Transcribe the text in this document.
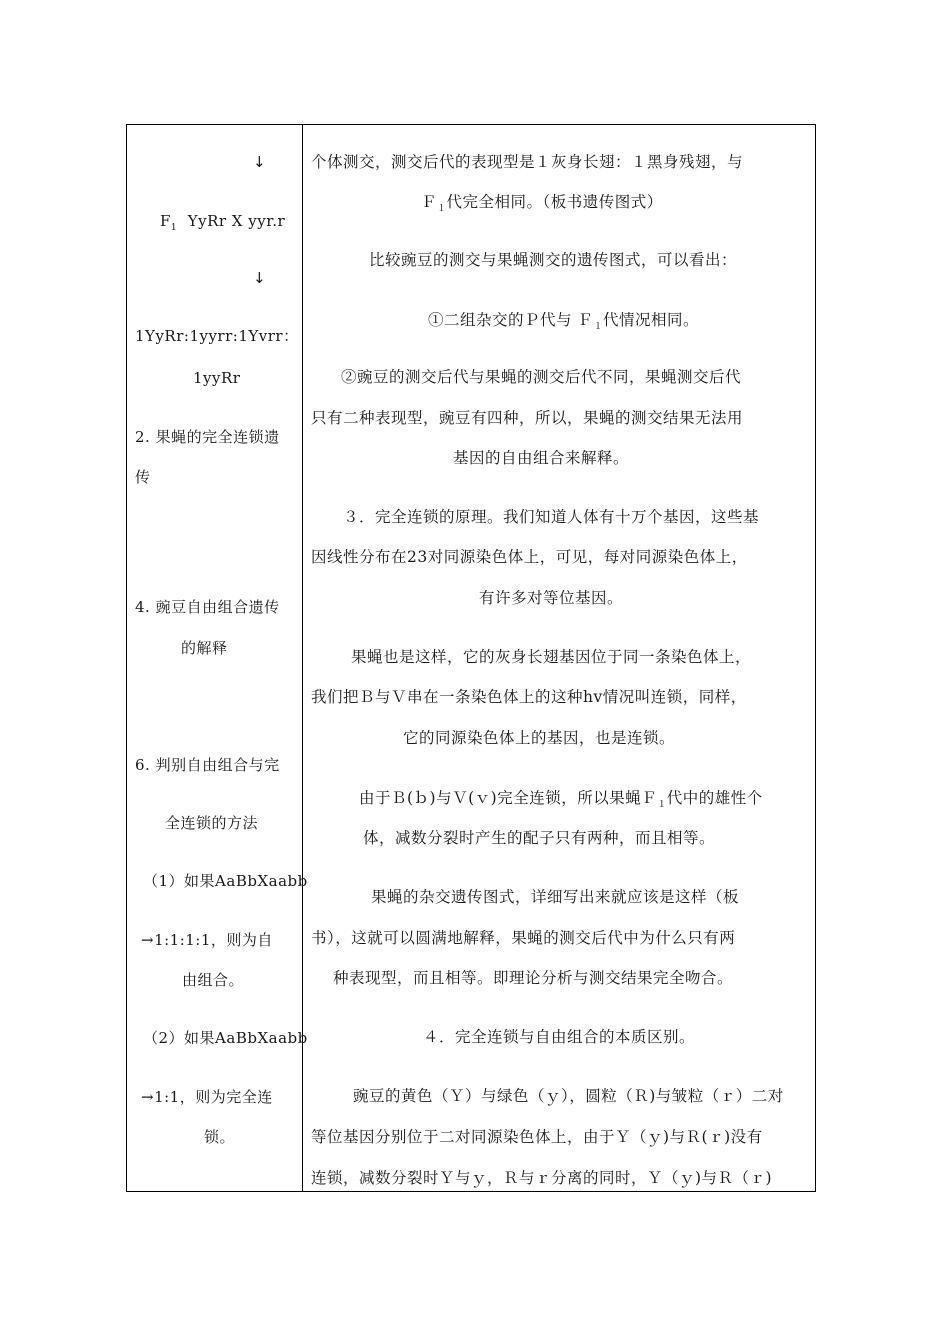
↓
$F_1$ YyRr X yyr.r
↓
1YyRr:1yyrr:1Yvrr：
1yyRr
2. 果蝇的完全连锁遗
传
4. 豌豆自由组合遗传
的解释
6. 判别自由组合与完
全连锁的方法
（1）如果AaBbXaabb
→1:1:1:1，则为自
由组合。
（2）如果AaBbXaabb
→1:1，则为完全连
锁。
个体测交，测交后代的表现型是１灰身长翅：１黑身残翅，与
Ｆ$_1$代完全相同。（板书遗传图式）
比较豌豆的测交与果蝇测交的遗传图式，可以看出：
①二组杂交的Ｐ代与 Ｆ$_1$代情况相同。
②豌豆的测交后代与果蝇的测交后代不同，果蝇测交后代
只有二种表现型，豌豆有四种，所以，果蝇的测交结果无法用
基因的自由组合来解释。
３．完全连锁的原理。我们知道人体有十万个基因，这些基
因线性分布在23对同源染色体上，可见，每对同源染色体上，
有许多对等位基因。
果蝇也是这样，它的灰身长翅基因位于同一条染色体上，
我们把Ｂ与Ｖ串在一条染色体上的这种hv情况叫连锁，同样，
它的同源染色体上的基因，也是连锁。
由于Ｂ(ｂ)与Ｖ(ｖ)完全连锁，所以果蝇Ｆ$_1$代中的雄性个
体，减数分裂时产生的配子只有两种，而且相等。
果蝇的杂交遗传图式，详细写出来就应该是这样（板
书），这就可以圆满地解释，果蝇的测交后代中为什么只有两
种表现型，而且相等。即理论分析与测交结果完全吻合。
４．完全连锁与自由组合的本质区别。
豌豆的黄色（Ｙ）与绿色（ｙ），圆粒（Ｒ)与皱粒（ｒ）二对
等位基因分别位于二对同源染色体上，由于Ｙ（ｙ)与Ｒ(ｒ)没有
连锁，减数分裂时Ｙ与ｙ，Ｒ与ｒ分离的同时，Ｙ（ｙ)与Ｒ（ｒ)
